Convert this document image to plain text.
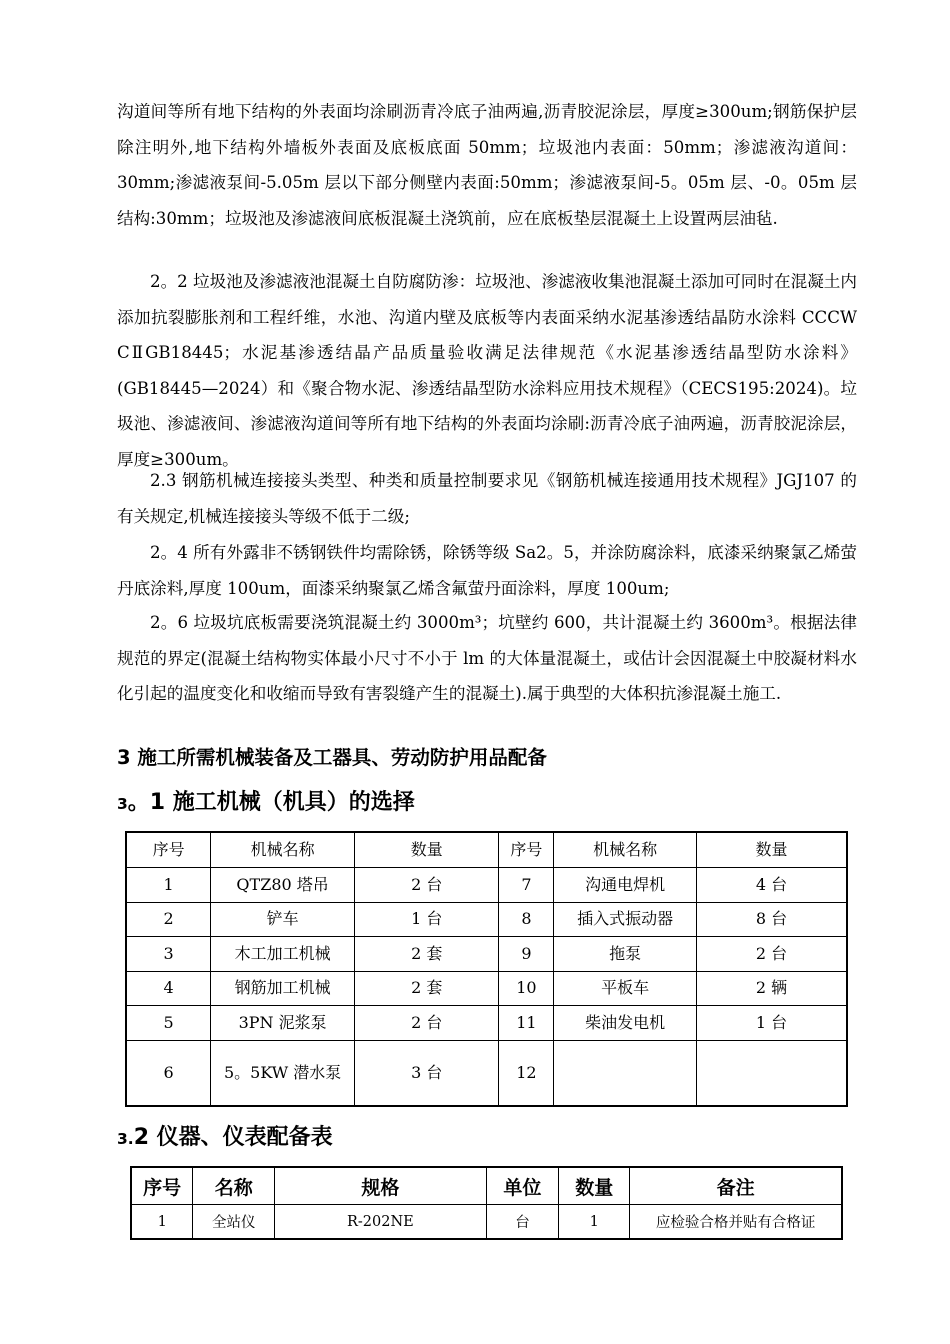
沟道间等所有地下结构的外表面均涂刷沥青冷底子油两遍,沥青胶泥涂层，厚度≥300um;钢筋保护层除注明外,地下结构外墙板外表面及底板底面 50mm；垃圾池内表面：50mm；渗滤液沟道间：30mm;渗滤液泵间-5.05m 层以下部分侧壁内表面:50mm；渗滤液泵间-5。05m 层、-0。05m 层结构:30mm；垃圾池及渗滤液间底板混凝土浇筑前，应在底板垫层混凝土上设置两层油毡.

2。2 垃圾池及渗滤液池混凝土自防腐防渗：垃圾池、渗滤液收集池混凝土添加可同时在混凝土内添加抗裂膨胀剂和工程纤维，水池、沟道内壁及底板等内表面采纳水泥基渗透结晶防水涂料 CCCW CⅡGB18445；水泥基渗透结晶产品质量验收满足法律规范《水泥基渗透结晶型防水涂料》(GB18445—2024）和《聚合物水泥、渗透结晶型防水涂料应用技术规程》（CECS195:2024)。垃圾池、渗滤液间、渗滤液沟道间等所有地下结构的外表面均涂刷:沥青冷底子油两遍，沥青胶泥涂层，厚度≥300um。

2.3 钢筋机械连接接头类型、种类和质量控制要求见《钢筋机械连接通用技术规程》JGJ107 的有关规定,机械连接接头等级不低于二级;

2。4 所有外露非不锈钢铁件均需除锈，除锈等级 Sa2。5，并涂防腐涂料，底漆采纳聚氯乙烯萤丹底涂料,厚度 100um，面漆采纳聚氯乙烯含氟萤丹面涂料，厚度 100um;

2。6 垃圾坑底板需要浇筑混凝土约 3000m³；坑壁约 600，共计混凝土约 3600m³。根据法律规范的界定(混凝土结构物实体最小尺寸不小于 lm 的大体量混凝土，或估计会因混凝土中胶凝材料水化引起的温度变化和收缩而导致有害裂缝产生的混凝土).属于典型的大体积抗渗混凝土施工.

3 施工所需机械装备及工器具、劳动防护用品配备

3。1 施工机械（机具）的选择

序号	机械名称	数量	序号	机械名称	数量
1	QTZ80 塔吊	2 台	7	沟通电焊机	4 台
2	铲车	1 台	8	插入式振动器	8 台
3	木工加工机械	2 套	9	拖泵	2 台
4	钢筋加工机械	2 套	10	平板车	2 辆
5	3PN 泥浆泵	2 台	11	柴油发电机	1 台
6	5。5KW 潜水泵	3 台	12		

3.2 仪器、仪表配备表

序号	名称	规格	单位	数量	备注
1	全站仪	R-202NE	台	1	应检验合格并贴有合格证
